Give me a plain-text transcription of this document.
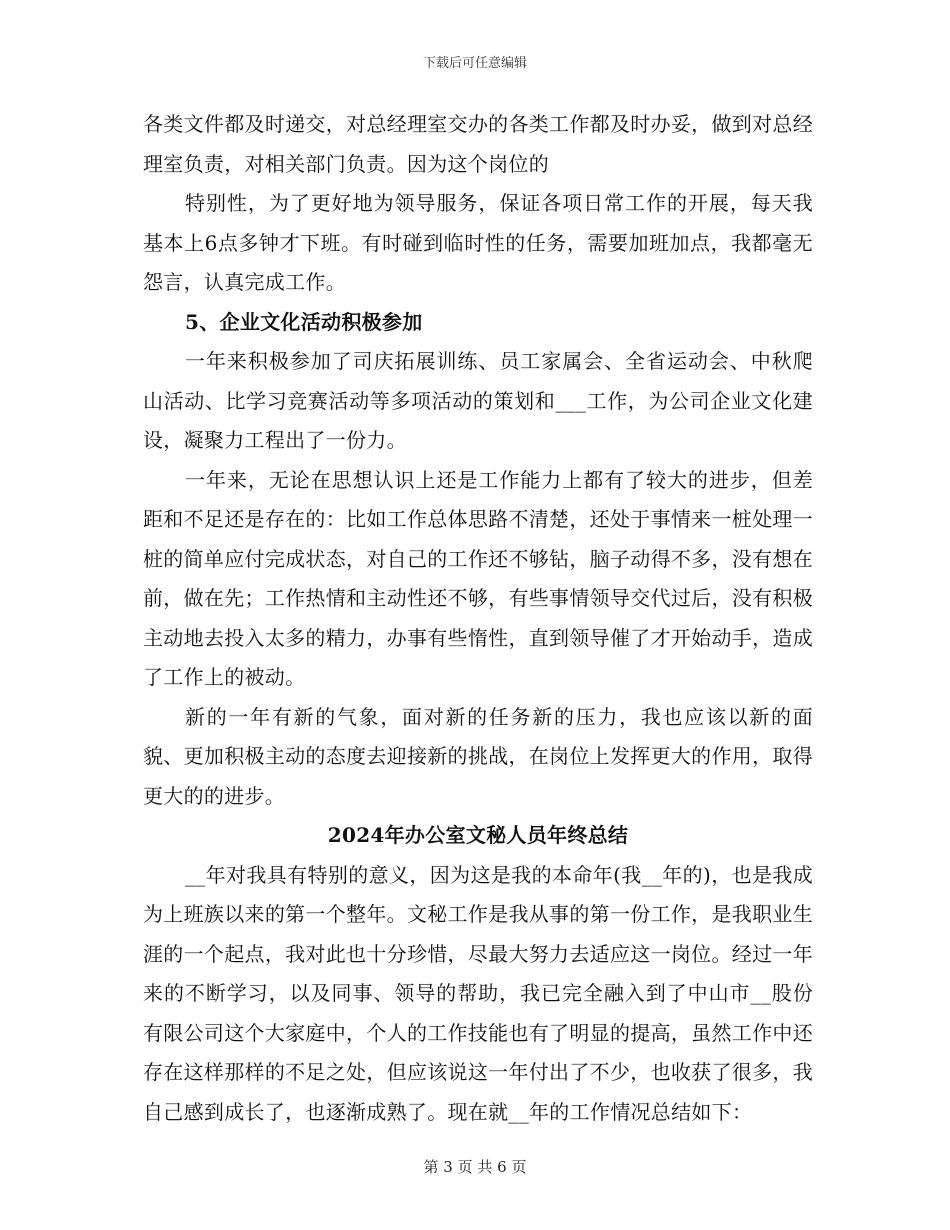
下载后可任意编辑

各类文件都及时递交，对总经理室交办的各类工作都及时办妥，做到对总经理室负责，对相关部门负责。因为这个岗位的

特别性，为了更好地为领导服务，保证各项日常工作的开展，每天我基本上6点多钟才下班。有时碰到临时性的任务，需要加班加点，我都毫无怨言，认真完成工作。

5、企业文化活动积极参加

一年来积极参加了司庆拓展训练、员工家属会、全省运动会、中秋爬山活动、比学习竞赛活动等多项活动的策划和___工作，为公司企业文化建设，凝聚力工程出了一份力。

一年来，无论在思想认识上还是工作能力上都有了较大的进步，但差距和不足还是存在的：比如工作总体思路不清楚，还处于事情来一桩处理一桩的简单应付完成状态，对自己的工作还不够钻，脑子动得不多，没有想在前，做在先；工作热情和主动性还不够，有些事情领导交代过后，没有积极主动地去投入太多的精力，办事有些惰性，直到领导催了才开始动手，造成了工作上的被动。

新的一年有新的气象，面对新的任务新的压力，我也应该以新的面貌、更加积极主动的态度去迎接新的挑战，在岗位上发挥更大的作用，取得更大的的进步。

2024年办公室文秘人员年终总结

__年对我具有特别的意义，因为这是我的本命年(我__年的)，也是我成为上班族以来的第一个整年。文秘工作是我从事的第一份工作，是我职业生涯的一个起点，我对此也十分珍惜，尽最大努力去适应这一岗位。经过一年来的不断学习，以及同事、领导的帮助，我已完全融入到了中山市__股份有限公司这个大家庭中，个人的工作技能也有了明显的提高，虽然工作中还存在这样那样的不足之处，但应该说这一年付出了不少，也收获了很多，我自己感到成长了，也逐渐成熟了。现在就__年的工作情况总结如下：

第 3 页 共 6 页
